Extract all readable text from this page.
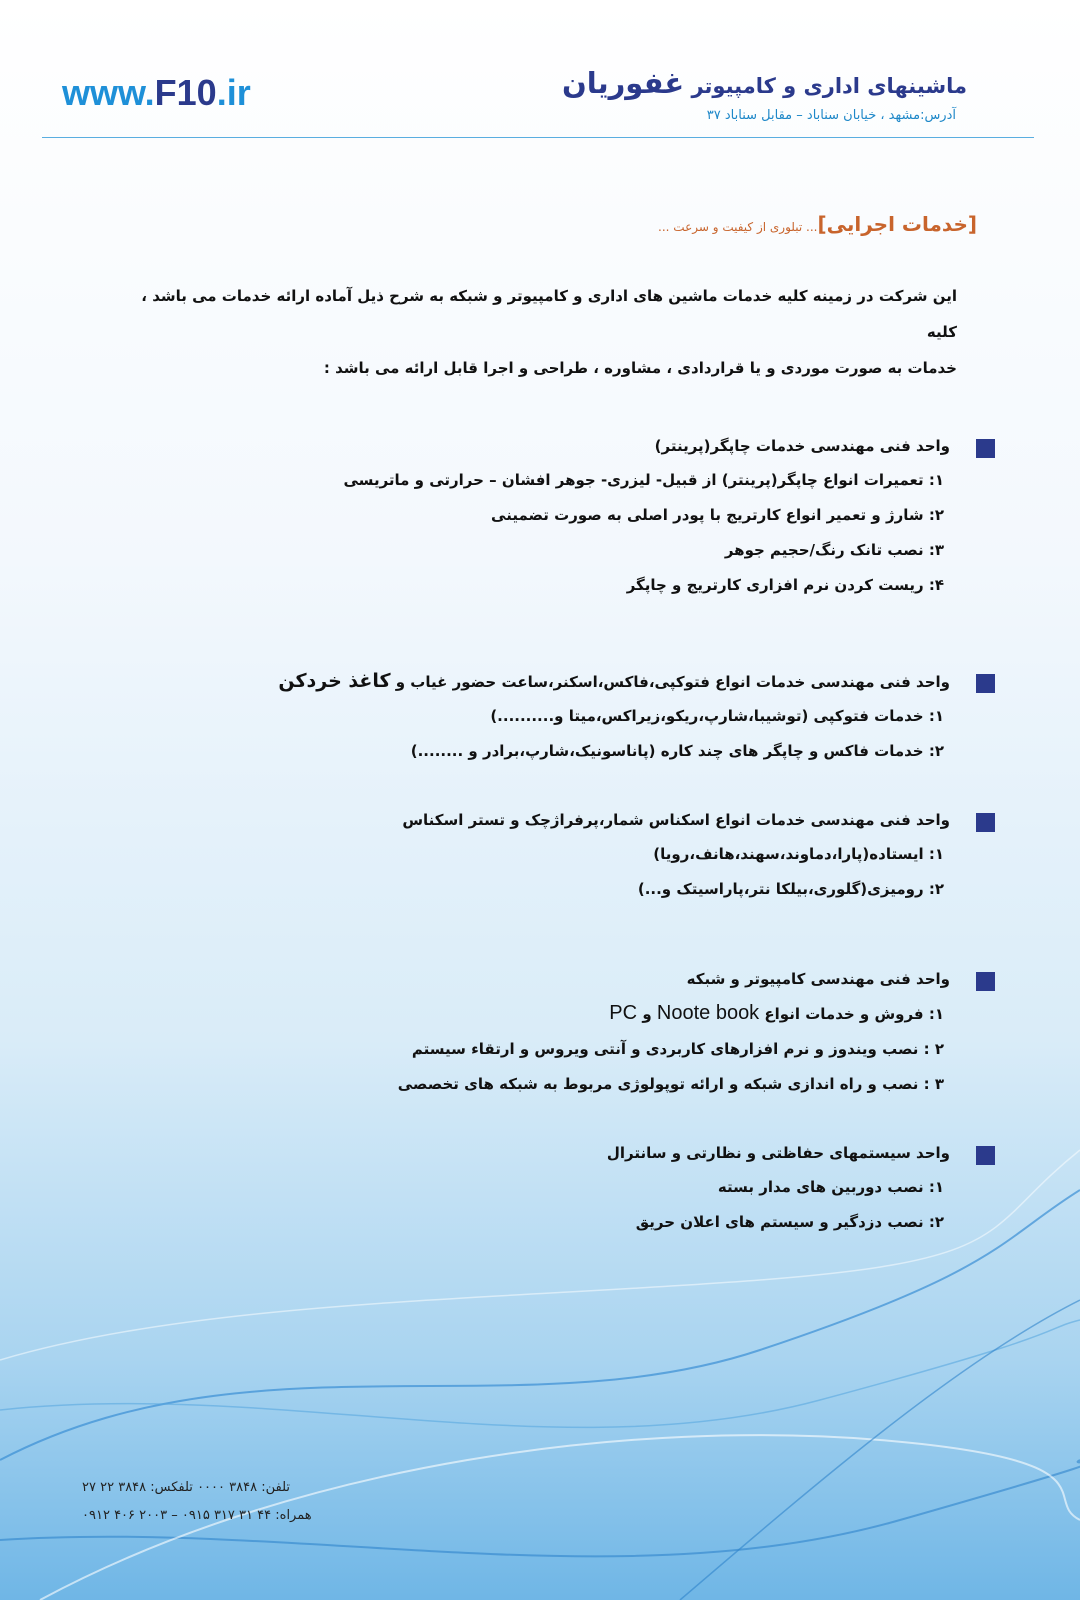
ماشینهای اداری و کامپیوتر غفوریان
آدرس:مشهد ، خیابان سناباد – مقابل سناباد ۳۷
www.F10.ir
[خدمات اجرایی]... تبلوری از کیفیت و سرعت ...
این شرکت در زمینه کلیه خدمات ماشین های اداری و کامپیوتر و شبکه به شرح ذیل آماده ارائه خدمات می باشد ، کلیه
خدمات به صورت موردی و یا قراردادی ، مشاوره ، طراحی و اجرا قابل ارائه می باشد :
واحد فنی مهندسی خدمات چاپگر(پرینتر)
۱: تعمیرات انواع چاپگر(پرینتر) از قبیل- لیزری- جوهر افشان – حرارتی و ماتریسی
۲: شارژ و تعمیر انواع کارتریج با پودر اصلی به صورت تضمینی
۳: نصب تانک رنگ/حجیم جوهر
۴: ریست کردن نرم افزاری کارتریج و چاپگر
واحد فنی مهندسی خدمات انواع فتوکپی،فاکس،اسکنر،ساعت حضور غیاب و کاغذ خردکن
۱: خدمات فتوکپی (توشیبا،شارپ،ریکو،زیراکس،میتا و..........)
۲: خدمات فاکس و چاپگر های چند کاره (پاناسونیک،شارپ،برادر و ........)
واحد فنی مهندسی خدمات انواع اسکناس شمار،پرفراژچک و تستر اسکناس
۱: ایستاده(پارا،دماوند،سهند،هانف،رویا)
۲: رومیزی(گلوری،بیلکا نتر،پاراسیتک و...)
واحد فنی مهندسی کامپیوتر و شبکه
۱: فروش و خدمات انواع Noote book و PC
۲ : نصب ویندوز و نرم افزارهای کاربردی و آنتی ویروس و ارتقاء سیستم
۳ : نصب و راه اندازی شبکه و ارائه توپولوژی مربوط به شبکه های تخصصی
واحد سیستمهای حفاظتی و نظارتی و سانترال
۱: نصب دوربین های مدار بسته
۲: نصب دزدگیر و سیستم های اعلان حریق
تلفن: ۳۸۴۸ ۰۰۰۰ تلفکس: ۳۸۴۸ ۲۲ ۲۷
همراه: ۴۴ ۳۱ ۳۱۷ ۰۹۱۵ – ۲۰۰۳ ۴۰۶ ۰۹۱۲
